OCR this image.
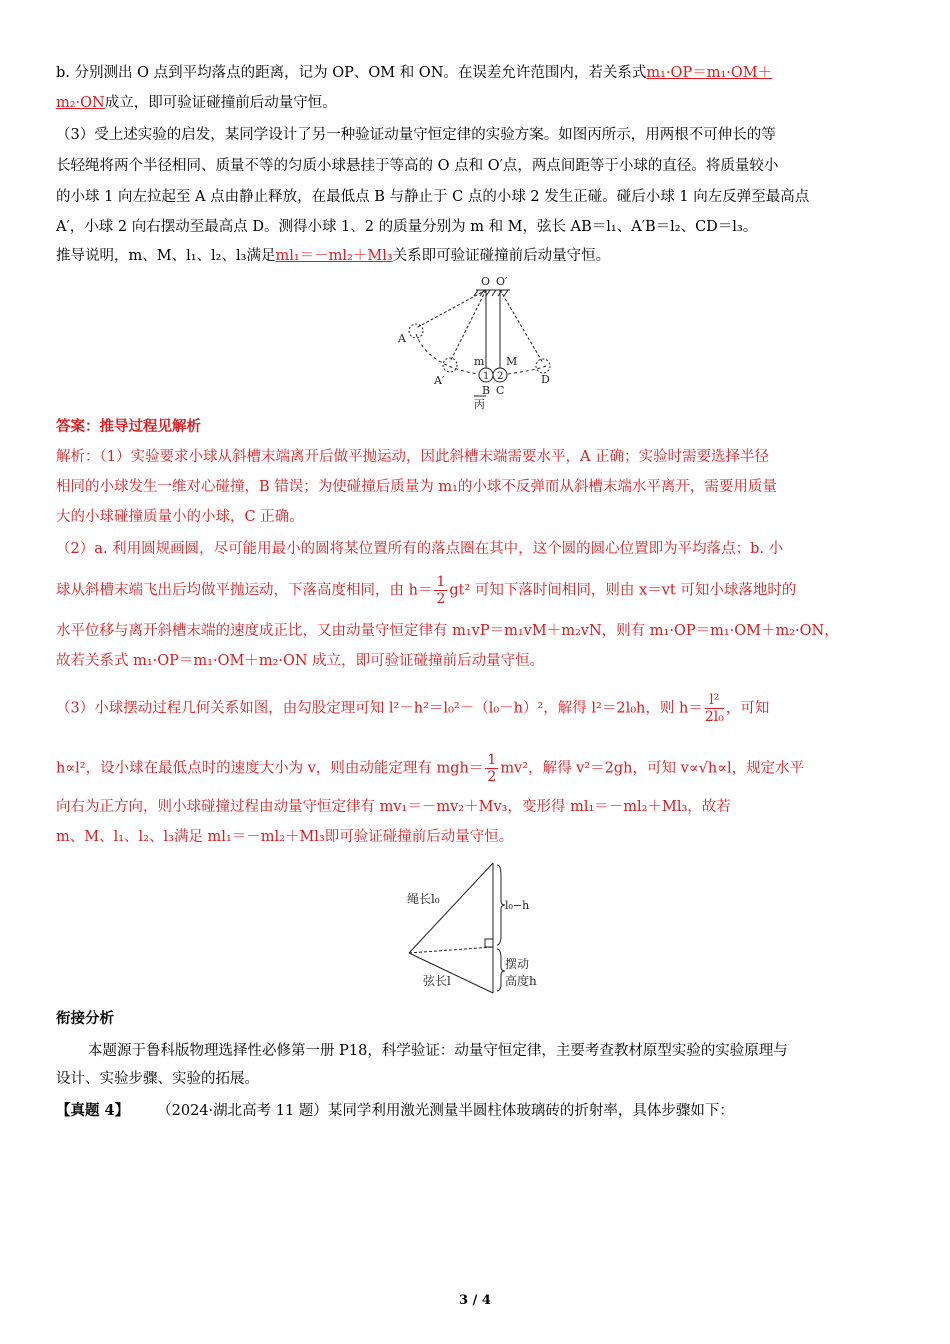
b. 分别测出 O 点到平均落点的距离，记为 OP、OM 和 ON。在误差允许范围内，若关系式m₁·OP＝m₁·OM＋
m₂·ON成立，即可验证碰撞前后动量守恒。
（3）受上述实验的启发，某同学设计了另一种验证动量守恒定律的实验方案。如图丙所示，用两根不可伸长的等
长轻绳将两个半径相同、质量不等的匀质小球悬挂于等高的 O 点和 O′点，两点间距等于小球的直径。将质量较小
的小球 1 向左拉起至 A 点由静止释放，在最低点 B 与静止于 C 点的小球 2 发生正碰。碰后小球 1 向左反弹至最高点
A′，小球 2 向右摆动至最高点 D。测得小球 1、2 的质量分别为 m 和 M，弦长 AB＝l₁、A′B＝l₂、CD＝l₃。
推导说明，m、M、l₁、l₂、l₃满足ml₁＝－ml₂＋Ml₃关系即可验证碰撞前后动量守恒。
O O′
A
A′
m M
1 2
B C
D
丙
答案：推导过程见解析
解析：（1）实验要求小球从斜槽末端离开后做平抛运动，因此斜槽末端需要水平，A 正确；实验时需要选择半径
相同的小球发生一维对心碰撞，B 错误；为使碰撞后质量为 m₁的小球不反弹而从斜槽末端水平离开，需要用质量
大的小球碰撞质量小的小球，C 正确。
（2）a. 利用圆规画圆，尽可能用最小的圆将某位置所有的落点圈在其中，这个圆的圆心位置即为平均落点；b. 小
球从斜槽末端飞出后均做平抛运动，下落高度相同，由 $h= \frac{1}{2} gt^2$ 可知下落时间相同，则由 x＝vt 可知小球落地时的
水平位移与离开斜槽末端的速度成正比，又由动量守恒定律有 m₁vP＝m₁vM＋m₂vN，则有 m₁·OP＝m₁·OM＋m₂·ON，
故若关系式 m₁·OP＝m₁·OM＋m₂·ON 成立，即可验证碰撞前后动量守恒。
（3）小球摆动过程几何关系如图，由勾股定理可知 l²－h²＝l₀²－（l₀－h）²，解得 l²＝2l₀h，则 $h= \frac{\text{l²}}{\text{2l₀}}$ ，可知
h∝l²，设小球在最低点时的速度大小为 v，则由动能定理有 $mgh= \frac{1}{2} mv^2$，解得 v²＝2gh，可知 v∝√h∝l，规定水平
向右为正方向，则小球碰撞过程由动量守恒定律有 mv₁＝－mv₂＋Mv₃，变形得 ml₁＝－ml₂＋Ml₃，故若
m、M、l₁、l₂、l₃满足 ml₁＝－ml₂＋Ml₃即可验证碰撞前后动量守恒。
绳长l₀	l₀−h
摆动
高度h
弦长l
衔接分析
本题源于鲁科版物理选择性必修第一册 P18，科学验证：动量守恒定律，主要考查教材原型实验的实验原理与
设计、实验步骤、实验的拓展。
【真题 4】 （2024·湖北高考 11 题）某同学利用激光测量半圆柱体玻璃砖的折射率，具体步骤如下：
3 / 4
